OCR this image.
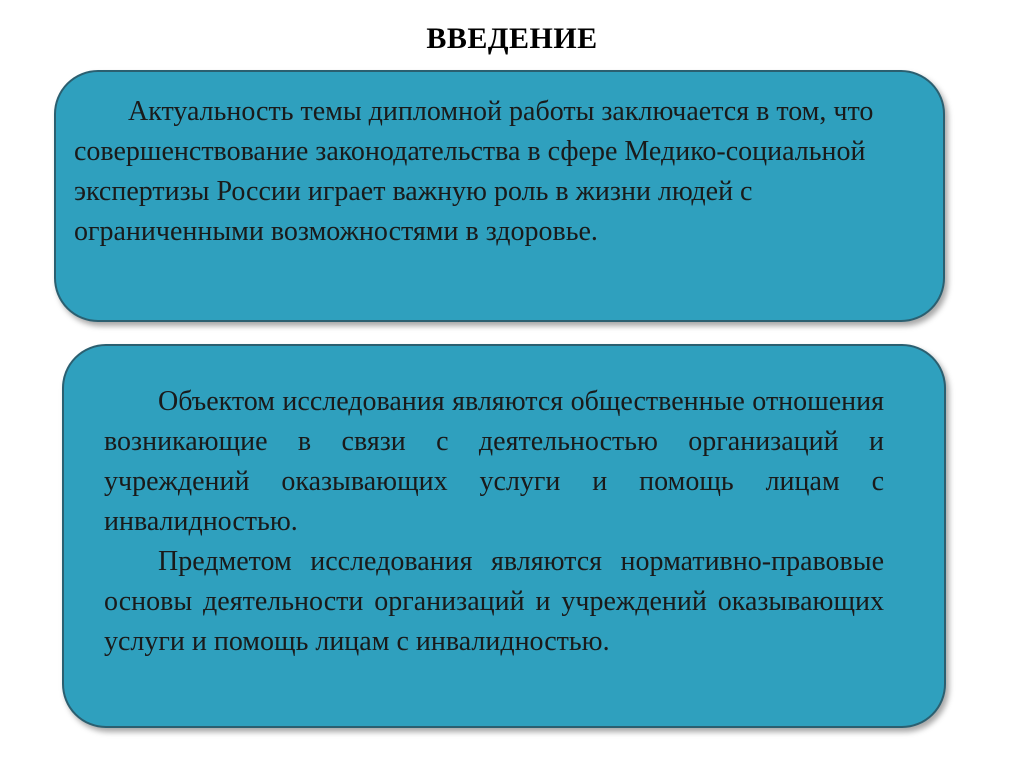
ВВЕДЕНИЕ

Актуальность темы дипломной работы заключается в том, что совершенствование законодательства в сфере Медико-социальной экспертизы России играет важную роль в жизни людей с ограниченными возможностями в здоровье.

Объектом исследования являются общественные отношения возникающие в связи с деятельностью организаций и учреждений оказывающих услуги и помощь лицам с инвалидностью.

Предметом исследования являются нормативно-правовые основы деятельности организаций и учреждений оказывающих услуги и помощь лицам с инвалидностью.
